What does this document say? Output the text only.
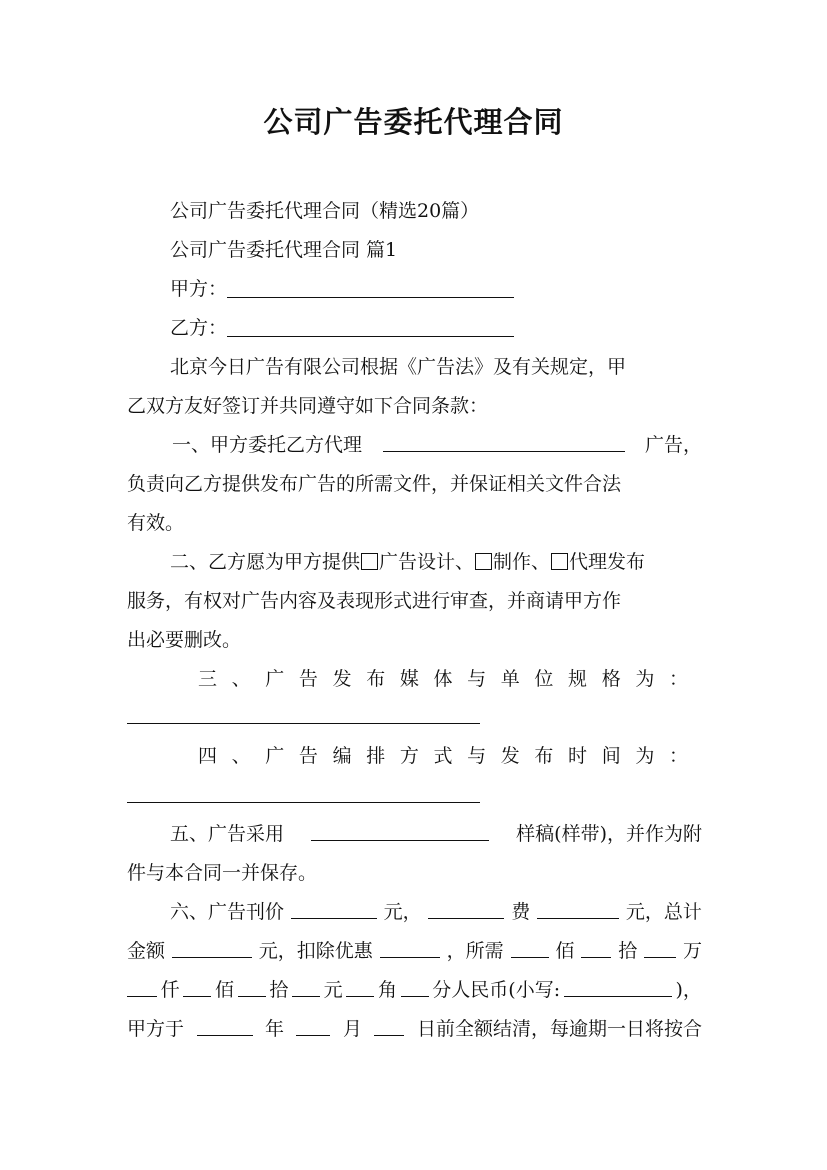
公司广告委托代理合同
公司广告委托代理合同（精选20篇）
公司广告委托代理合同 篇1
甲方：
乙方：
北京今日广告有限公司根据《广告法》及有关规定，甲
乙双方友好签订并共同遵守如下合同条款：
一、甲方委托乙方代理	广告，
负责向乙方提供发布广告的所需文件，并保证相关文件合法
有效。
二、乙方愿为甲方提供 广告设计、 制作、 代理发布
服务，有权对广告内容及表现形式进行审查，并商请甲方作
出必要删改。
三 、 广 告 发 布 媒 体 与 单 位 规 格 为 ：
四 、 广 告 编 排 方 式 与 发 布 时 间 为 ：
五、广告采用	样稿(样带)，并作为附
件与本合同一并保存。
六、广告刊价	元，	费	元，总计
金额	元，扣除优惠	，所需	佰 拾 万
仟 佰 拾 元 角 分人民币(小写:	)，
甲方于	年	月	日前全额结清，每逾期一日将按合
